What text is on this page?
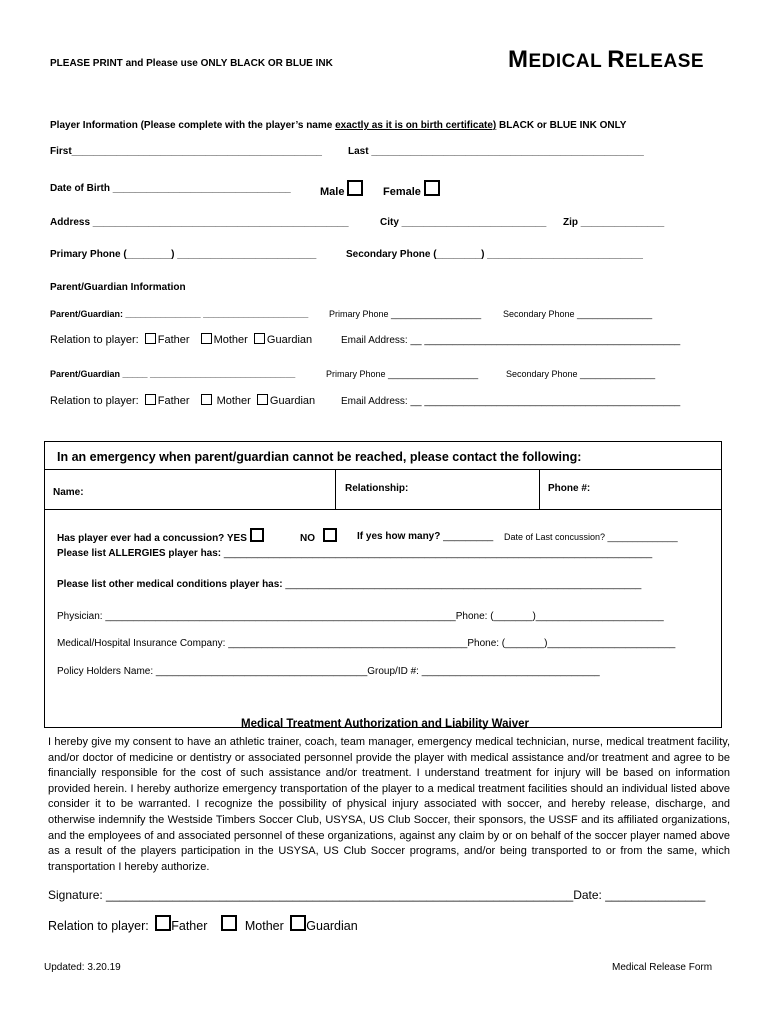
PLEASE PRINT and Please use ONLY BLACK OR BLUE INK	MEDICAL RELEASE
Player Information (Please complete with the player’s name exactly as it is on birth certificate) BLACK or BLUE INK ONLY
First_____________________________________________	Last _________________________________________________
Date of Birth ________________________________	Male	Female
Address ______________________________________________	City __________________________ Zip _______________
Primary Phone (________) _________________________	Secondary Phone (________) ____________________________
Parent/Guardian Information
Parent/Guardian: _______________ _____________________ Primary Phone __________________ Secondary Phone _______________
Relation to player: Father Mother Guardian	Email Address: __ ______________________________________________
Parent/Guardian _____ _____________________________	Primary Phone __________________	Secondary Phone _______________
Relation to player: Father Mother Guardian	Email Address: __ ______________________________________________
In an emergency when parent/guardian cannot be reached, please contact the following:
Name:	Relationship:	Phone #:
Has player ever had a concussion? YES	NO	If yes how many? _________ Date of Last concussion? ______________
Please list ALLERGIES player has: _____________________________________________________________________________
Please list other medical conditions player has: ________________________________________________________________
Physician: _______________________________________________________________Phone: (_______)_______________________
Medical/Hospital Insurance Company: ___________________________________________Phone: (_______)_______________________
Policy Holders Name: ______________________________________Group/ID #: ________________________________
Medical Treatment Authorization and Liability Waiver

I hereby give my consent to have an athletic trainer, coach, team manager, emergency medical technician, nurse, medical treatment facility, and/or doctor of medicine or dentistry or associated personnel provide the player with medical assistance and/or treatment and agree to be financially responsible for the cost of such assistance and/or treatment. I understand treatment for injury will be based on information provided herein. I hereby authorize emergency transportation of the player to a medical treatment facilities should an individual listed above consider it to be warranted. I recognize the possibility of physical injury associated with soccer, and hereby release, discharge, and otherwise indemnify the Westside Timbers Soccer Club, USYSA, US Club Soccer, their sponsors, the USSF and its affiliated organizations, and the employees of and associated personnel of these organizations, against any claim by or on behalf of the soccer player named above as a result of the players participation in the USYSA, US Club Soccer programs, and/or being transported to or from the same, which transportation I hereby authorize.

Signature: ______________________________________________________________________Date: _______________
Relation to player: Father	Mother Guardian
Updated: 3.20.19	Medical Release Form
